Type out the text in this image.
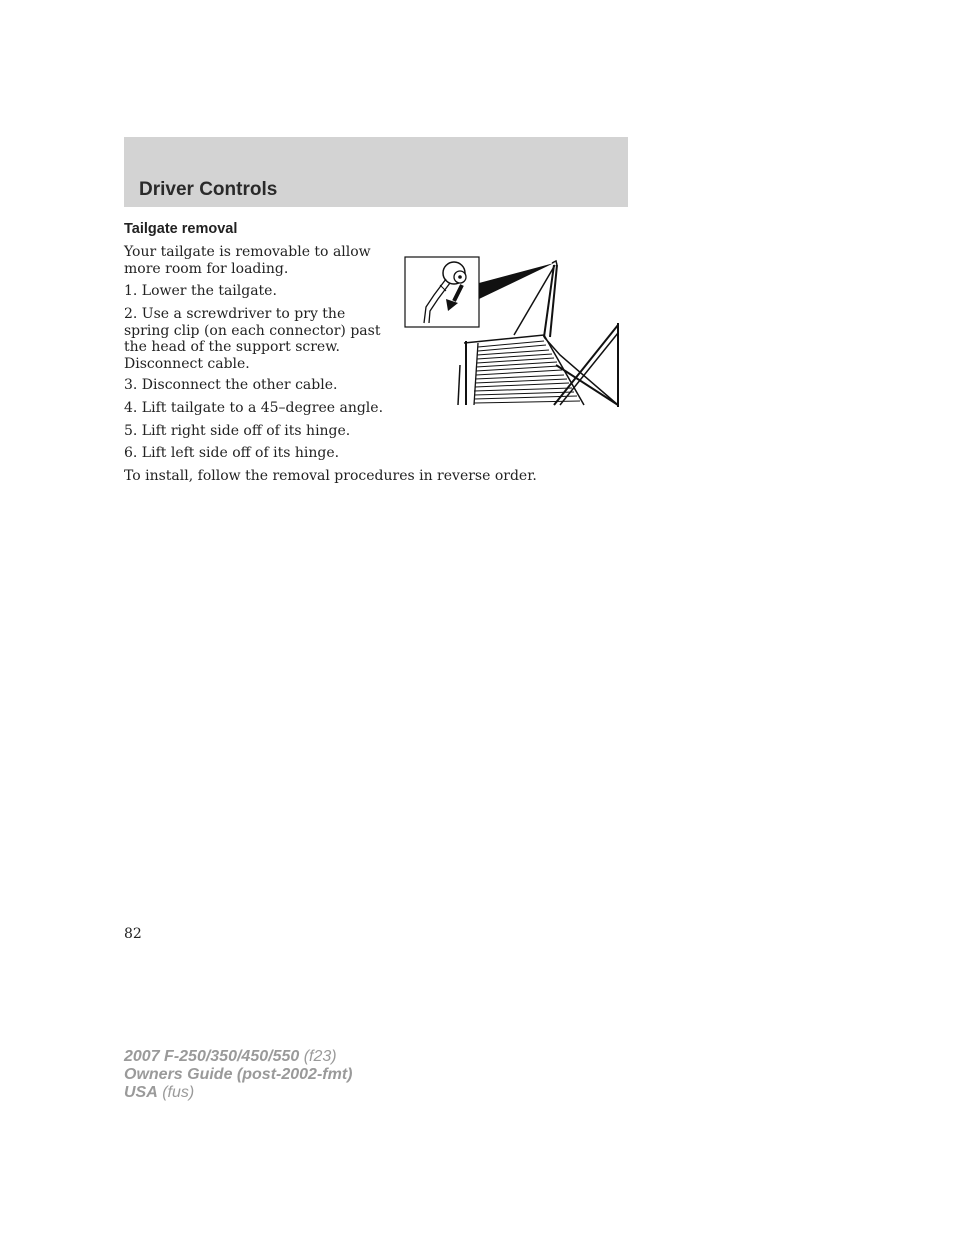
Driver Controls
Tailgate removal
Your tailgate is removable to allow more room for loading.
1. Lower the tailgate.
2. Use a screwdriver to pry the spring clip (on each connector) past the head of the support screw. Disconnect cable.
3. Disconnect the other cable.
4. Lift tailgate to a 45–degree angle.
5. Lift right side off of its hinge.
6. Lift left side off of its hinge.
To install, follow the removal procedures in reverse order.
82
2007 F-250/350/450/550 (f23)
Owners Guide (post-2002-fmt)
USA (fus)
